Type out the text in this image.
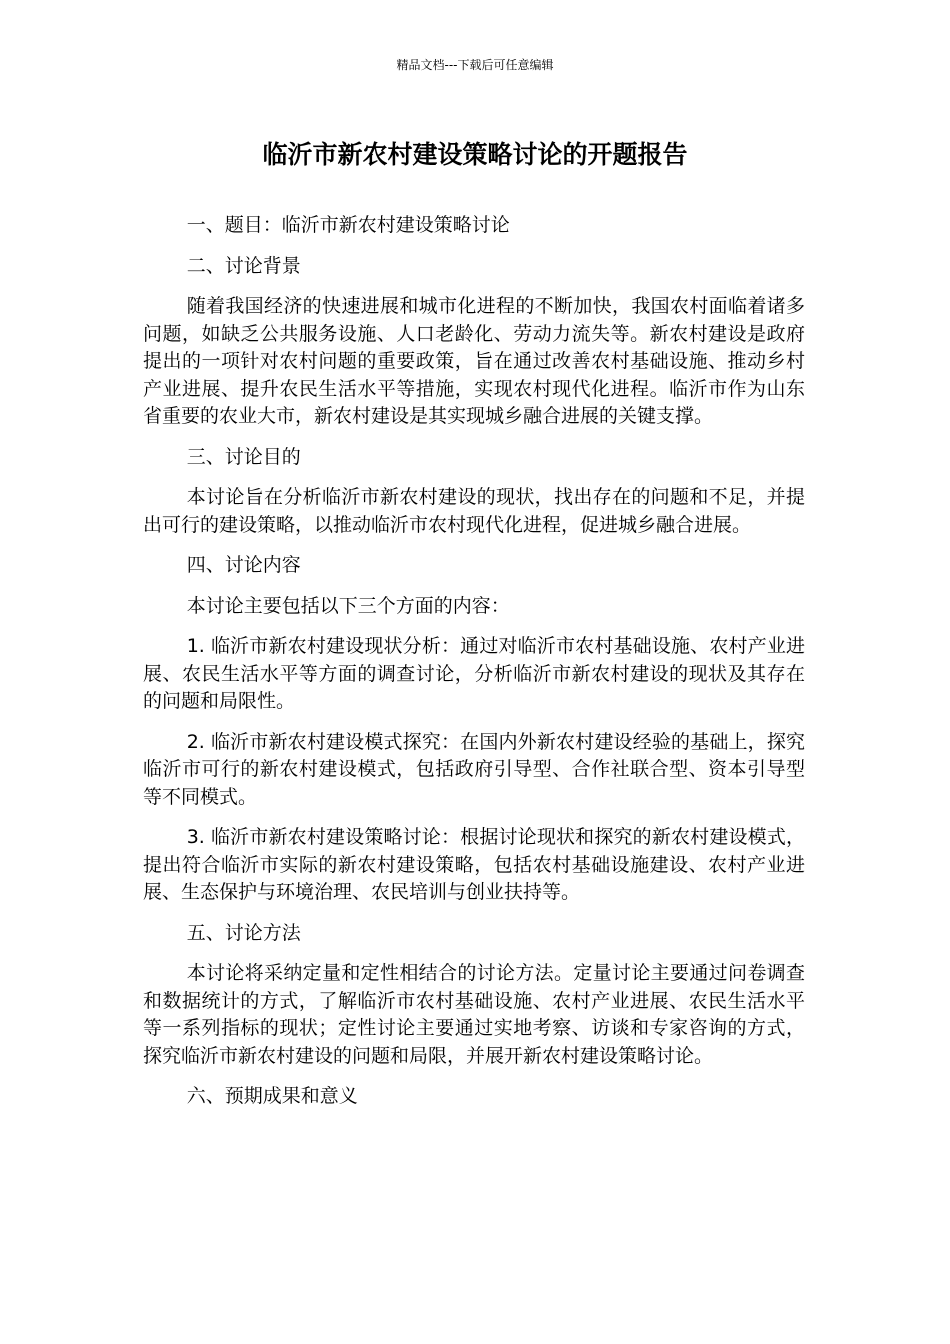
精品文档---下载后可任意编辑
临沂市新农村建设策略讨论的开题报告

一、题目：临沂市新农村建设策略讨论

二、讨论背景

随着我国经济的快速进展和城市化进程的不断加快，我国农村面临着诸多问题，如缺乏公共服务设施、人口老龄化、劳动力流失等。新农村建设是政府提出的一项针对农村问题的重要政策，旨在通过改善农村基础设施、推动乡村产业进展、提升农民生活水平等措施，实现农村现代化进程。临沂市作为山东省重要的农业大市，新农村建设是其实现城乡融合进展的关键支撑。

三、讨论目的

本讨论旨在分析临沂市新农村建设的现状，找出存在的问题和不足，并提出可行的建设策略，以推动临沂市农村现代化进程，促进城乡融合进展。

四、讨论内容

本讨论主要包括以下三个方面的内容：

1. 临沂市新农村建设现状分析：通过对临沂市农村基础设施、农村产业进展、农民生活水平等方面的调查讨论，分析临沂市新农村建设的现状及其存在的问题和局限性。

2. 临沂市新农村建设模式探究：在国内外新农村建设经验的基础上，探究临沂市可行的新农村建设模式，包括政府引导型、合作社联合型、资本引导型等不同模式。

3. 临沂市新农村建设策略讨论：根据讨论现状和探究的新农村建设模式，提出符合临沂市实际的新农村建设策略，包括农村基础设施建设、农村产业进展、生态保护与环境治理、农民培训与创业扶持等。

五、讨论方法

本讨论将采纳定量和定性相结合的讨论方法。定量讨论主要通过问卷调查和数据统计的方式，了解临沂市农村基础设施、农村产业进展、农民生活水平等一系列指标的现状；定性讨论主要通过实地考察、访谈和专家咨询的方式，探究临沂市新农村建设的问题和局限，并展开新农村建设策略讨论。

六、预期成果和意义
